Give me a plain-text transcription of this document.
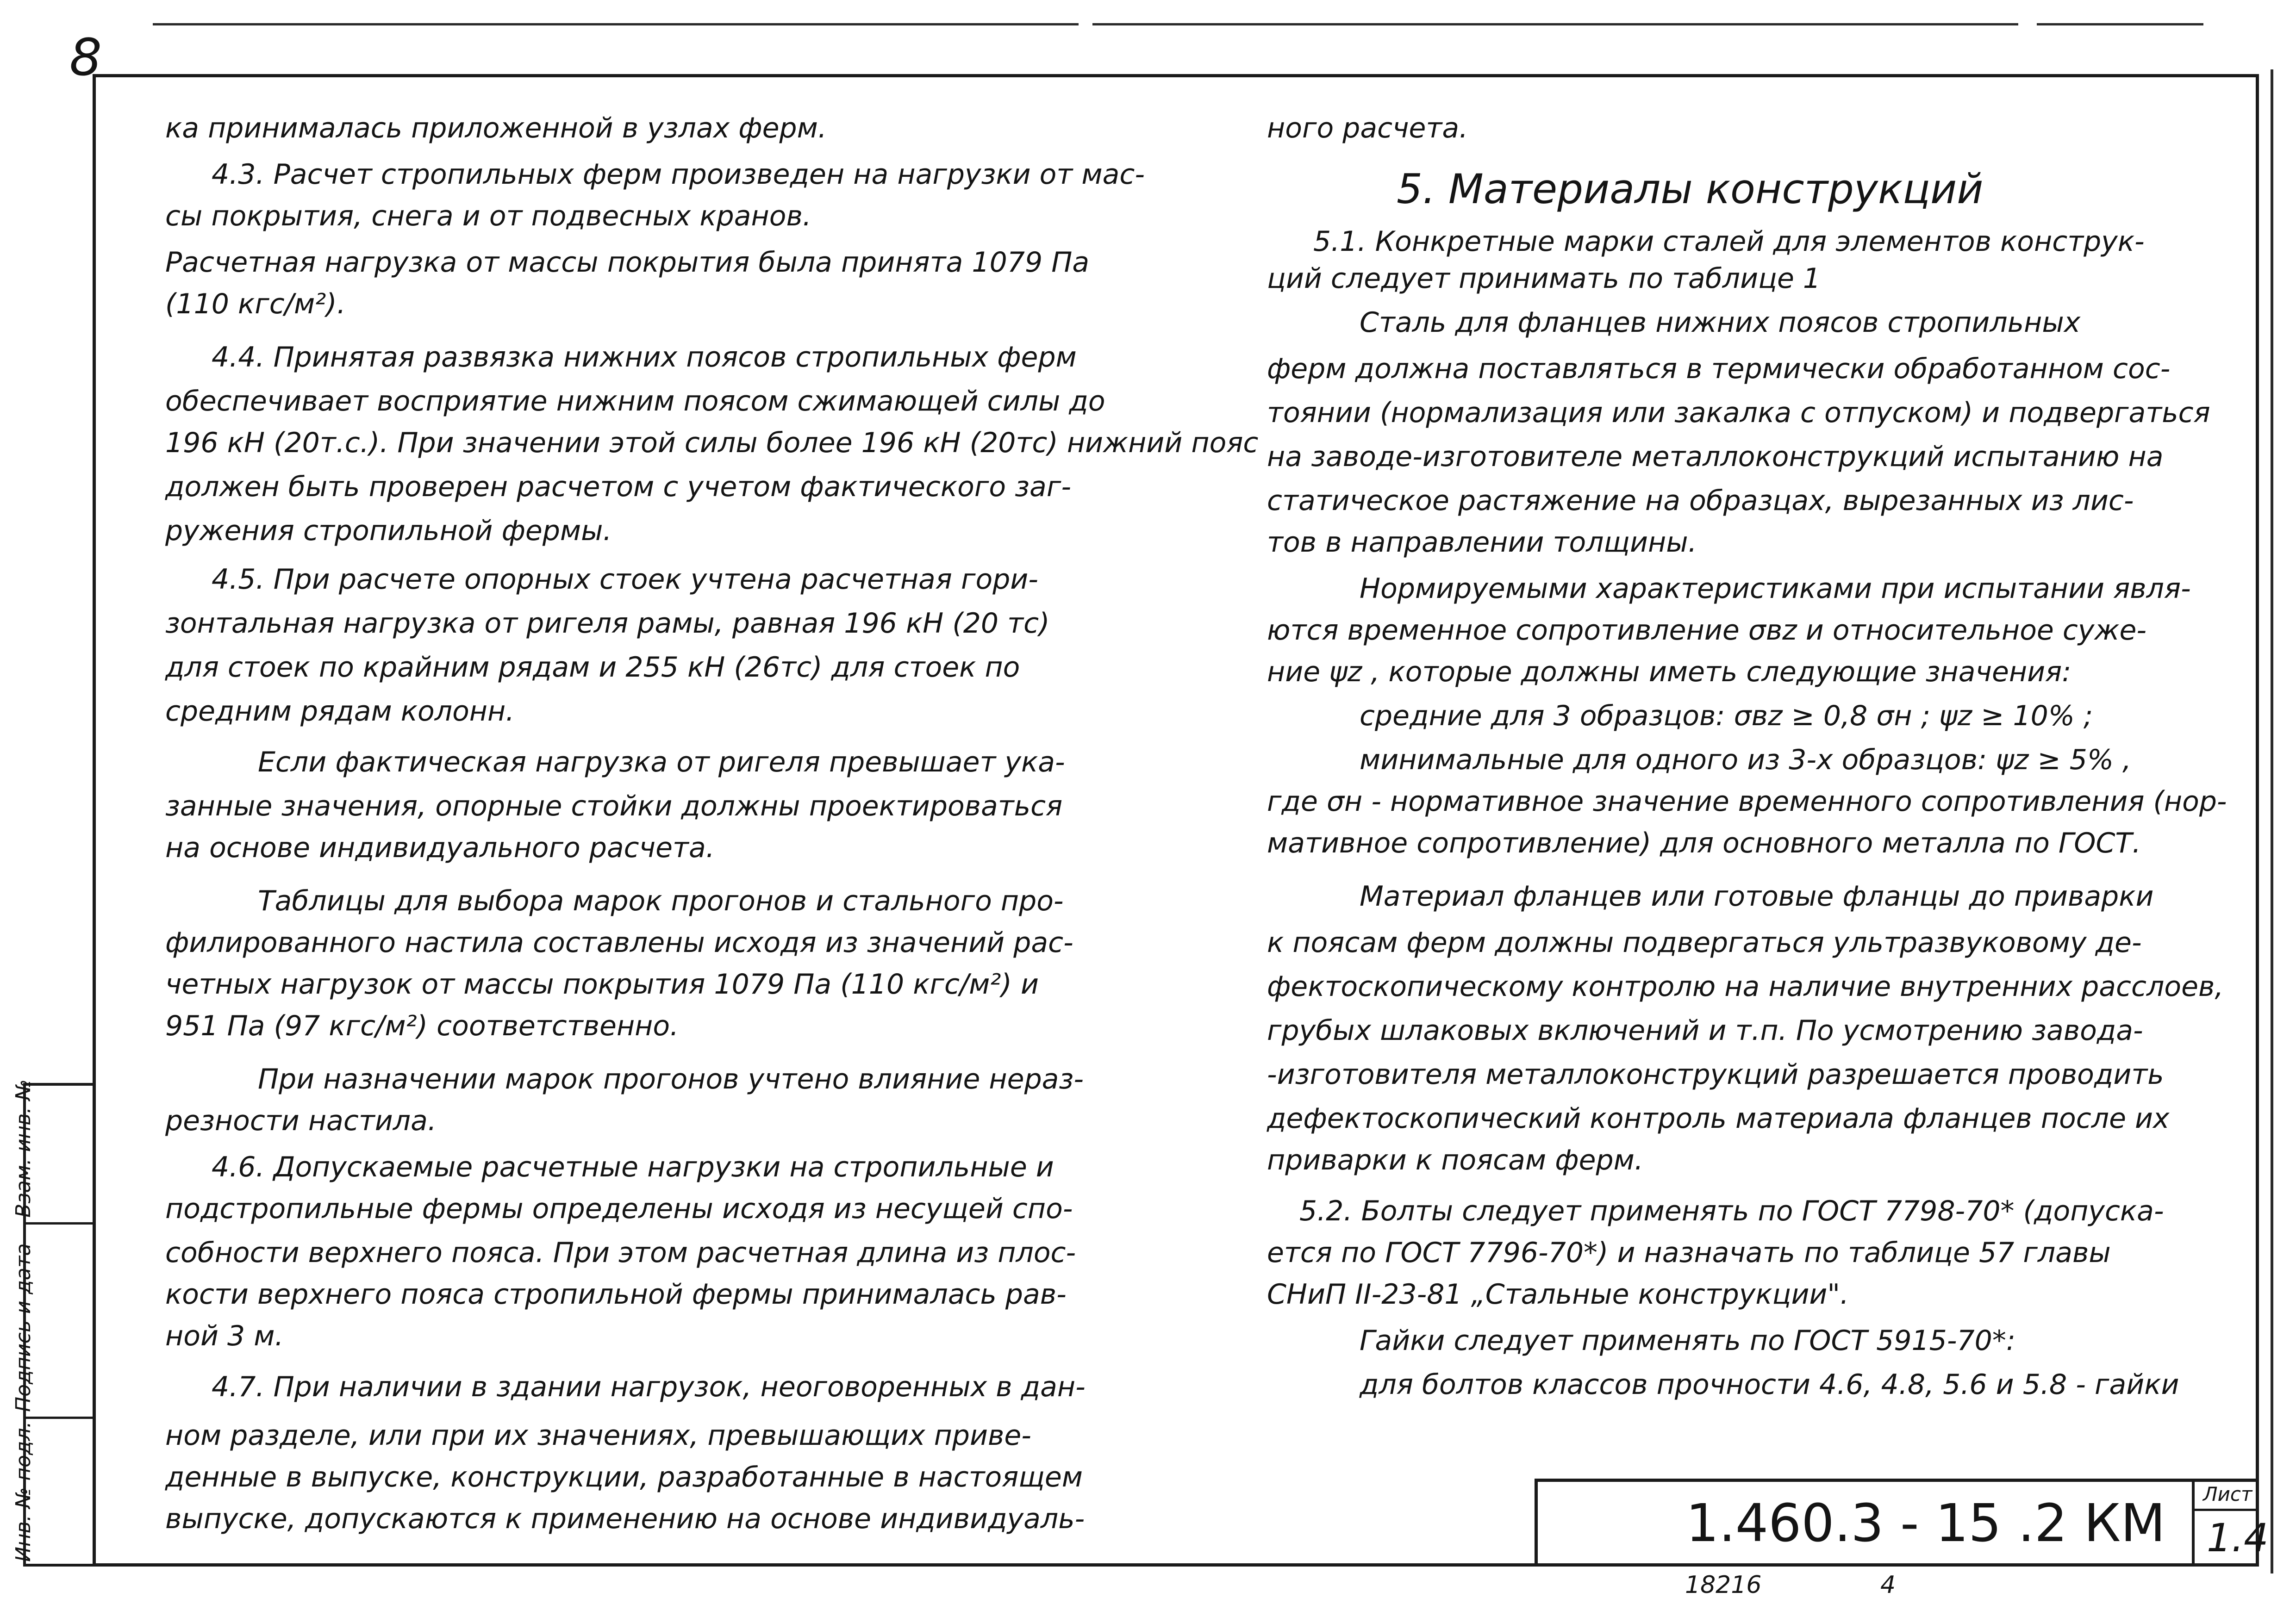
8
ка принималась приложенной в узлах ферм.
4.3. Расчет стропильных ферм произведен на нагрузки от мас-
сы покрытия, снега и от подвесных кранов.
Расчетная нагрузка от массы покрытия была принята 1079 Па
(110 кгс/м²).
4.4. Принятая развязка нижних поясов стропильных ферм
обеспечивает восприятие нижним поясом сжимающей силы до
196 кН (20т.с.). При значении этой силы более 196 кН (20тс) нижний пояс
должен быть проверен расчетом с учетом фактического заг-
ружения стропильной фермы.
4.5. При расчете опорных стоек учтена расчетная гори-
зонтальная нагрузка от ригеля рамы, равная 196 кН (20 тс)
для стоек по крайним рядам и 255 кН (26тс) для стоек по
средним рядам колонн.
Если фактическая нагрузка от ригеля превышает ука-
занные значения, опорные стойки должны проектироваться
на основе индивидуального расчета.
Таблицы для выбора марок прогонов и стального про-
филированного настила составлены исходя из значений рас-
четных нагрузок от массы покрытия 1079 Па (110 кгс/м²) и
951 Па (97 кгс/м²) соответственно.
При назначении марок прогонов учтено влияние нераз-
резности настила.
4.6. Допускаемые расчетные нагрузки на стропильные и
подстропильные фермы определены исходя из несущей спо-
собности верхнего пояса. При этом расчетная длина из плос-
кости верхнего пояса стропильной фермы принималась рав-
ной 3 м.
4.7. При наличии в здании нагрузок, неоговоренных в дан-
ном разделе, или при их значениях, превышающих приве-
денные в выпуске, конструкции, разработанные в настоящем
выпуске, допускаются к применению на основе индивидуаль-
ного расчета.
5. Материалы конструкций
5.1. Конкретные марки сталей для элементов конструк-
ций следует принимать по таблице 1
Сталь для фланцев нижних поясов стропильных
ферм должна поставляться в термически обработанном сос-
тоянии (нормализация или закалка с отпуском) и подвергаться
на заводе-изготовителе металлоконструкций испытанию на
статическое растяжение на образцах, вырезанных из лис-
тов в направлении толщины.
Нормируемыми характеристиками при испытании явля-
ются временное сопротивление σвz и относительное суже-
ние ψz , которые должны иметь следующие значения:
средние для 3 образцов: σвz ≥ 0,8 σн ; ψz ≥ 10% ;
минимальные для одного из 3-х образцов: ψz ≥ 5% ,
где σн - нормативное значение временного сопротивления (нор-
мативное сопротивление) для основного металла по ГОСТ.
Материал фланцев или готовые фланцы до приварки
к поясам ферм должны подвергаться ультразвуковому де-
фектоскопическому контролю на наличие внутренних расслоев,
грубых шлаковых включений и т.п. По усмотрению завода-
-изготовителя металлоконструкций разрешается проводить
дефектоскопический контроль материала фланцев после их
приварки к поясам ферм.
5.2. Болты следует применять по ГОСТ 7798-70* (допуска-
ется по ГОСТ 7796-70*) и назначать по таблице 57 главы
СНиП II-23-81 „Стальные конструкции".
Гайки следует применять по ГОСТ 5915-70*:
для болтов классов прочности 4.6, 4.8, 5.6 и 5.8 - гайки
Взам. инв. №
Подпись и дата
Инв. № подл.	1.460.3 - 15 .2 КМ Лист
1.4
18216	4
